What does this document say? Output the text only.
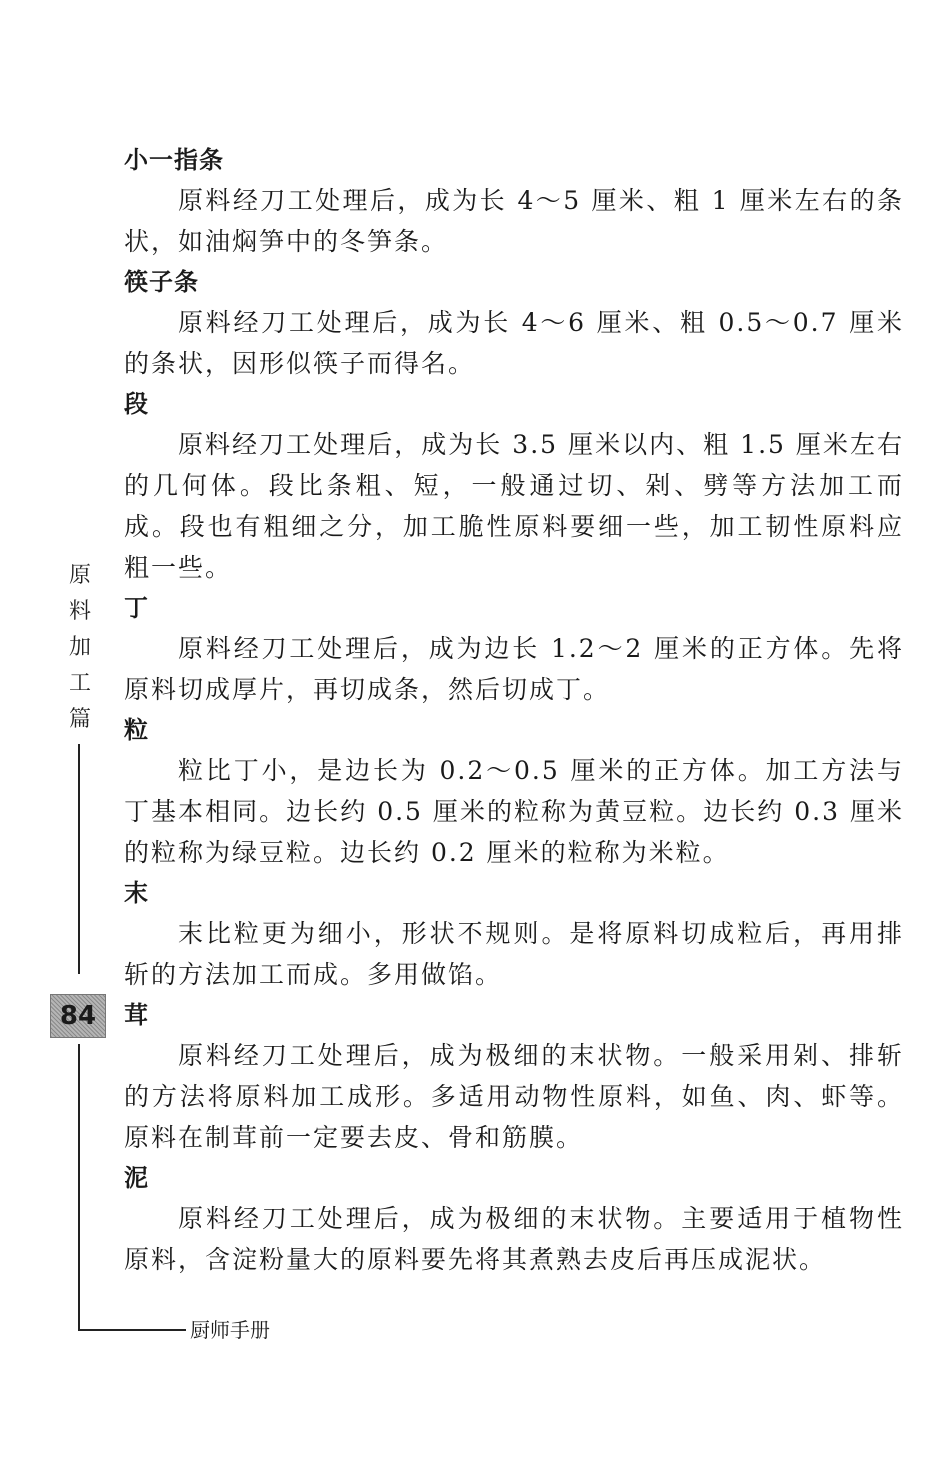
小一指条

原料经刀工处理后，成为长 4～5 厘米、粗 1 厘米左右的条状，如油焖笋中的冬笋条。

筷子条

原料经刀工处理后，成为长 4～6 厘米、粗 0.5～0.7 厘米的条状，因形似筷子而得名。

段

原料经刀工处理后，成为长 3.5 厘米以内、粗 1.5 厘米左右的几何体。段比条粗、短，一般通过切、剁、劈等方法加工而成。段也有粗细之分，加工脆性原料要细一些，加工韧性原料应粗一些。

丁

原料经刀工处理后，成为边长 1.2～2 厘米的正方体。先将原料切成厚片，再切成条，然后切成丁。

粒

粒比丁小，是边长为 0.2～0.5 厘米的正方体。加工方法与丁基本相同。边长约 0.5 厘米的粒称为黄豆粒。边长约 0.3 厘米的粒称为绿豆粒。边长约 0.2 厘米的粒称为米粒。

末

末比粒更为细小，形状不规则。是将原料切成粒后，再用排斩的方法加工而成。多用做馅。

茸

原料经刀工处理后，成为极细的末状物。一般采用剁、排斩的方法将原料加工成形。多适用动物性原料，如鱼、肉、虾等。原料在制茸前一定要去皮、骨和筋膜。

泥

原料经刀工处理后，成为极细的末状物。主要适用于植物性原料，含淀粉量大的原料要先将其煮熟去皮后再压成泥状。

原
料
加
工
篇
84
厨师手册
